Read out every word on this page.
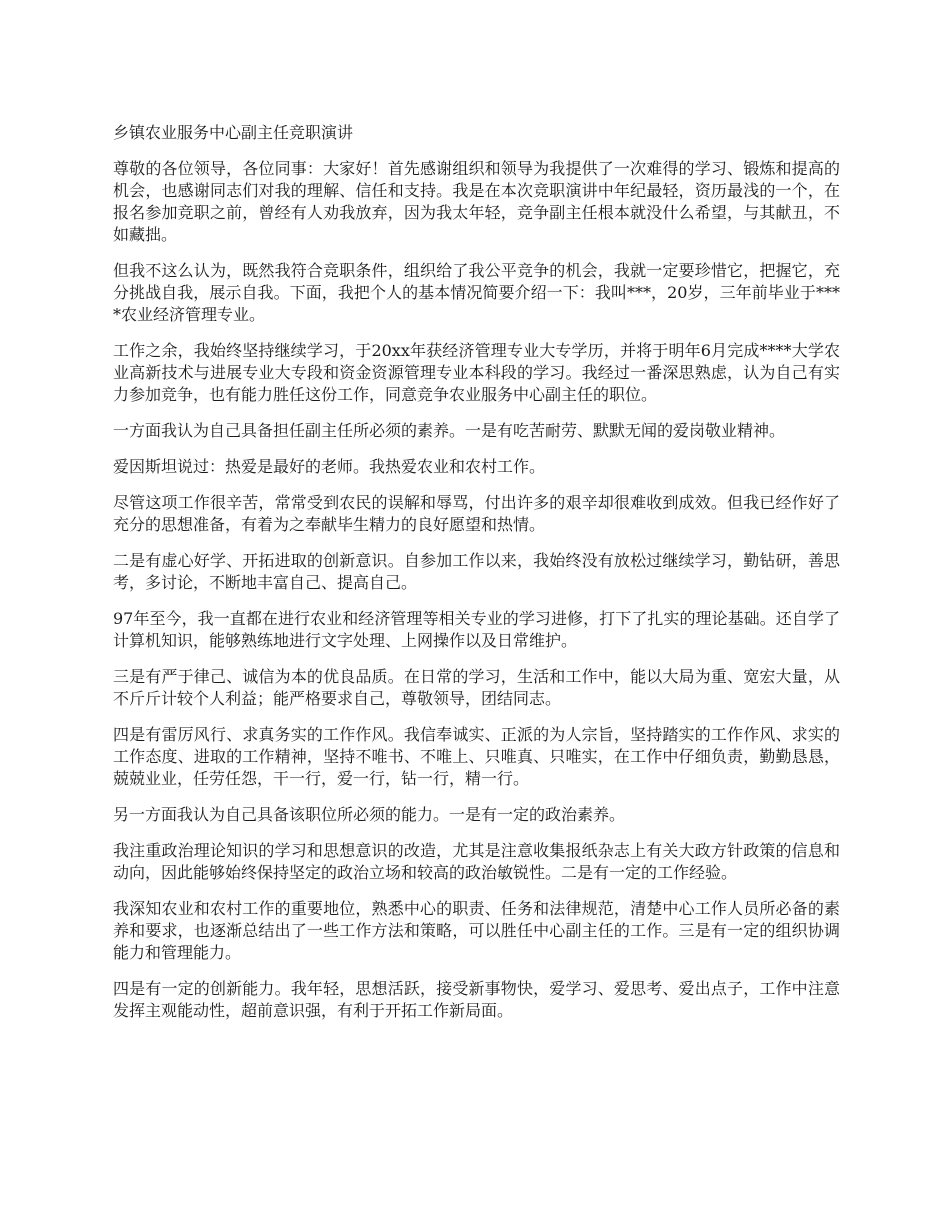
乡镇农业服务中心副主任竞职演讲

尊敬的各位领导，各位同事：大家好！首先感谢组织和领导为我提供了一次难得的学习、锻炼和提高的机会，也感谢同志们对我的理解、信任和支持。我是在本次竞职演讲中年纪最轻，资历最浅的一个，在报名参加竞职之前，曾经有人劝我放弃，因为我太年轻，竞争副主任根本就没什么希望，与其献丑，不如藏拙。

但我不这么认为，既然我符合竞职条件，组织给了我公平竞争的机会，我就一定要珍惜它，把握它，充分挑战自我，展示自我。下面，我把个人的基本情况简要介绍一下：我叫***，20岁，三年前毕业于****农业经济管理专业。

工作之余，我始终坚持继续学习，于20xx年获经济管理专业大专学历，并将于明年6月完成****大学农业高新技术与进展专业大专段和资金资源管理专业本科段的学习。我经过一番深思熟虑，认为自己有实力参加竞争，也有能力胜任这份工作，同意竞争农业服务中心副主任的职位。

一方面我认为自己具备担任副主任所必须的素养。一是有吃苦耐劳、默默无闻的爱岗敬业精神。

爱因斯坦说过：热爱是最好的老师。我热爱农业和农村工作。

尽管这项工作很辛苦，常常受到农民的误解和辱骂，付出许多的艰辛却很难收到成效。但我已经作好了充分的思想准备，有着为之奉献毕生精力的良好愿望和热情。

二是有虚心好学、开拓进取的创新意识。自参加工作以来，我始终没有放松过继续学习，勤钻研，善思考，多讨论，不断地丰富自己、提高自己。

97年至今，我一直都在进行农业和经济管理等相关专业的学习进修，打下了扎实的理论基础。还自学了计算机知识，能够熟练地进行文字处理、上网操作以及日常维护。

三是有严于律己、诚信为本的优良品质。在日常的学习，生活和工作中，能以大局为重、宽宏大量，从不斤斤计较个人利益；能严格要求自己，尊敬领导，团结同志。

四是有雷厉风行、求真务实的工作作风。我信奉诚实、正派的为人宗旨，坚持踏实的工作作风、求实的工作态度、进取的工作精神，坚持不唯书、不唯上、只唯真、只唯实，在工作中仔细负责，勤勤恳恳，兢兢业业，任劳任怨，干一行，爱一行，钻一行，精一行。

另一方面我认为自己具备该职位所必须的能力。一是有一定的政治素养。

我注重政治理论知识的学习和思想意识的改造，尤其是注意收集报纸杂志上有关大政方针政策的信息和动向，因此能够始终保持坚定的政治立场和较高的政治敏锐性。二是有一定的工作经验。

我深知农业和农村工作的重要地位，熟悉中心的职责、任务和法律规范，清楚中心工作人员所必备的素养和要求，也逐渐总结出了一些工作方法和策略，可以胜任中心副主任的工作。三是有一定的组织协调能力和管理能力。

四是有一定的创新能力。我年轻，思想活跃，接受新事物快，爱学习、爱思考、爱出点子，工作中注意发挥主观能动性，超前意识强，有利于开拓工作新局面。
